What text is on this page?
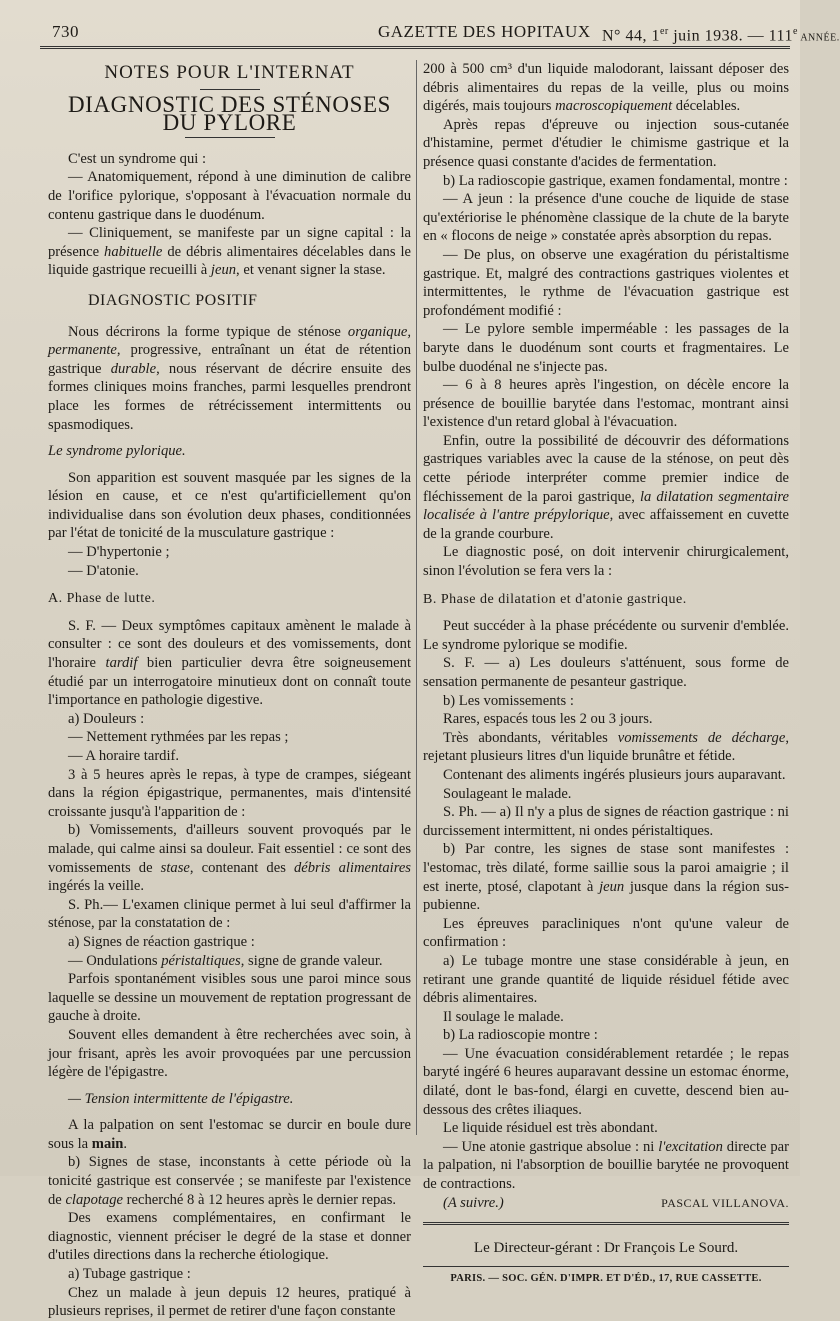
730	GAZETTE DES HOPITAUX N° 44, 1er juin 1938. — 111e ANNÉE.
NOTES POUR L'INTERNAT
DIAGNOSTIC DES STÉNOSES DU PYLORE

C'est un syndrome qui :

— Anatomiquement, répond à une diminution de calibre de l'orifice pylorique, s'opposant à l'évacuation normale du contenu gastrique dans le duodénum.

— Cliniquement, se manifeste par un signe capital : la présence habituelle de débris alimentaires décelables dans le liquide gastrique recueilli à jeun, et venant signer la stase.

DIAGNOSTIC POSITIF

Nous décrirons la forme typique de sténose organique, permanente, progressive, entraînant un état de rétention gastrique durable, nous réservant de décrire ensuite des formes cliniques moins franches, parmi lesquelles prendront place les formes de rétrécissement intermittents ou spasmodiques.

Le syndrome pylorique.

Son apparition est souvent masquée par les signes de la lésion en cause, et ce n'est qu'artificiellement qu'on individualise dans son évolution deux phases, conditionnées par l'état de tonicité de la musculature gastrique :

— D'hypertonie ;

— D'atonie.

A. Phase de lutte.

S. F. — Deux symptômes capitaux amènent le malade à consulter : ce sont des douleurs et des vomissements, dont l'horaire tardif bien particulier devra être soigneusement étudié par un interrogatoire minutieux dont on connaît toute l'importance en pathologie digestive.

a) Douleurs :

— Nettement rythmées par les repas ;

— A horaire tardif.

3 à 5 heures après le repas, à type de crampes, siégeant dans la région épigastrique, permanentes, mais d'intensité croissante jusqu'à l'apparition de :

b) Vomissements, d'ailleurs souvent provoqués par le malade, qui calme ainsi sa douleur. Fait essentiel : ce sont des vomissements de stase, contenant des débris alimentaires ingérés la veille.

S. Ph.— L'examen clinique permet à lui seul d'affirmer la sténose, par la constatation de :

a) Signes de réaction gastrique :

— Ondulations péristaltiques, signe de grande valeur.

Parfois spontanément visibles sous une paroi mince sous laquelle se dessine un mouvement de reptation progressant de gauche à droite.

Souvent elles demandent à être recherchées avec soin, à jour frisant, après les avoir provoquées par une percussion légère de l'épigastre.

— Tension intermittente de l'épigastre.

A la palpation on sent l'estomac se durcir en boule dure sous la main.

b) Signes de stase, inconstants à cette période où la tonicité gastrique est conservée ; se manifeste par l'existence de clapotage recherché 8 à 12 heures après le dernier repas.

Des examens complémentaires, en confirmant le diagnostic, viennent préciser le degré de la stase et donner d'utiles directions dans la recherche étiologique.

a) Tubage gastrique :

Chez un malade à jeun depuis 12 heures, pratiqué à plusieurs reprises, il permet de retirer d'une façon constante

200 à 500 cm³ d'un liquide malodorant, laissant déposer des débris alimentaires du repas de la veille, plus ou moins digérés, mais toujours macroscopiquement décelables.

Après repas d'épreuve ou injection sous-cutanée d'histamine, permet d'étudier le chimisme gastrique et la présence quasi constante d'acides de fermentation.

b) La radioscopie gastrique, examen fondamental, montre :

— A jeun : la présence d'une couche de liquide de stase qu'extériorise le phénomène classique de la chute de la baryte en « flocons de neige » constatée après absorption du repas.

— De plus, on observe une exagération du péristaltisme gastrique. Et, malgré des contractions gastriques violentes et intermittentes, le rythme de l'évacuation gastrique est profondément modifié :

— Le pylore semble imperméable : les passages de la baryte dans le duodénum sont courts et fragmentaires. Le bulbe duodénal ne s'injecte pas.

— 6 à 8 heures après l'ingestion, on décèle encore la présence de bouillie barytée dans l'estomac, montrant ainsi l'existence d'un retard global à l'évacuation.

Enfin, outre la possibilité de découvrir des déformations gastriques variables avec la cause de la sténose, on peut dès cette période interpréter comme premier indice de fléchissement de la paroi gastrique, la dilatation segmentaire localisée à l'antre prépylorique, avec affaissement en cuvette de la grande courbure.

Le diagnostic posé, on doit intervenir chirurgicalement, sinon l'évolution se fera vers la :

B. Phase de dilatation et d'atonie gastrique.

Peut succéder à la phase précédente ou survenir d'emblée. Le syndrome pylorique se modifie.

S. F. — a) Les douleurs s'atténuent, sous forme de sensation permanente de pesanteur gastrique.

b) Les vomissements :

Rares, espacés tous les 2 ou 3 jours.

Très abondants, véritables vomissements de décharge, rejetant plusieurs litres d'un liquide brunâtre et fétide.

Contenant des aliments ingérés plusieurs jours auparavant.

Soulageant le malade.

S. Ph. — a) Il n'y a plus de signes de réaction gastrique : ni durcissement intermittent, ni ondes péristaltiques.

b) Par contre, les signes de stase sont manifestes : l'estomac, très dilaté, forme saillie sous la paroi amaigrie ; il est inerte, ptosé, clapotant à jeun jusque dans la région sus-pubienne.

Les épreuves paracliniques n'ont qu'une valeur de confirmation :

a) Le tubage montre une stase considérable à jeun, en retirant une grande quantité de liquide résiduel fétide avec débris alimentaires.

Il soulage le malade.

b) La radioscopie montre :

— Une évacuation considérablement retardée ; le repas baryté ingéré 6 heures auparavant dessine un estomac énorme, dilaté, dont le bas-fond, élargi en cuvette, descend bien au-dessous des crêtes iliaques.

Le liquide résiduel est très abondant.

— Une atonie gastrique absolue : ni l'excitation directe par la palpation, ni l'absorption de bouillie barytée ne provoquent de contractions.

(A suivre.)	PASCAL VILLANOVA.
Le Directeur-gérant : Dr François Le Sourd.
PARIS. — SOC. GÉN. D'IMPR. ET D'ÉD., 17, RUE CASSETTE.
